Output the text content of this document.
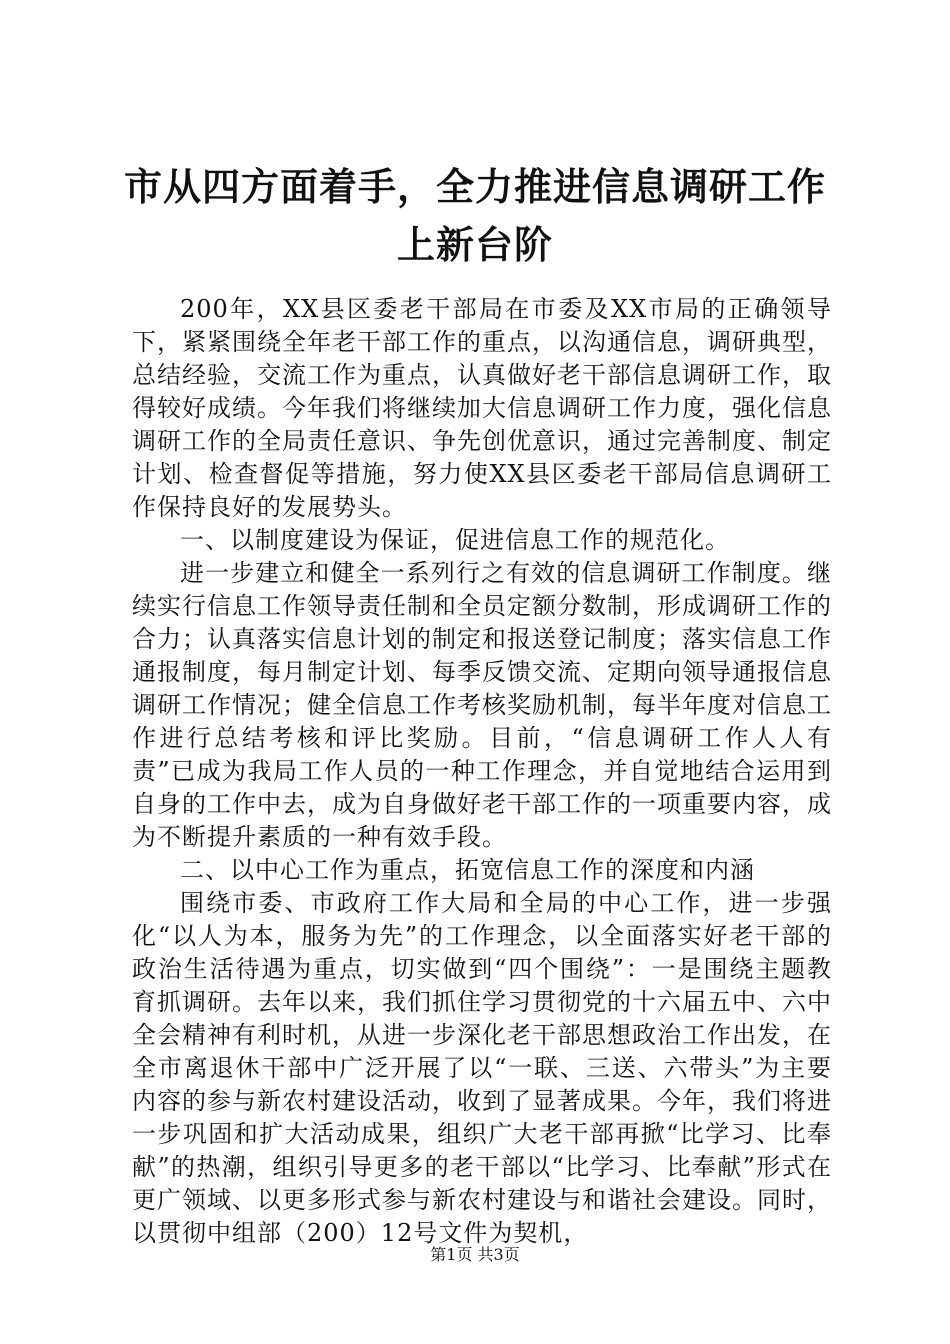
市从四方面着手，全力推进信息调研工作上新台阶

200年，XX县区委老干部局在市委及XX市局的正确领导下，紧紧围绕全年老干部工作的重点，以沟通信息，调研典型，总结经验，交流工作为重点，认真做好老干部信息调研工作，取得较好成绩。今年我们将继续加大信息调研工作力度，强化信息调研工作的全局责任意识、争先创优意识，通过完善制度、制定计划、检查督促等措施，努力使XX县区委老干部局信息调研工作保持良好的发展势头。

一、以制度建设为保证，促进信息工作的规范化。

进一步建立和健全一系列行之有效的信息调研工作制度。继续实行信息工作领导责任制和全员定额分数制，形成调研工作的合力；认真落实信息计划的制定和报送登记制度；落实信息工作通报制度，每月制定计划、每季反馈交流、定期向领导通报信息调研工作情况；健全信息工作考核奖励机制，每半年度对信息工作进行总结考核和评比奖励。目前，“信息调研工作人人有责”已成为我局工作人员的一种工作理念，并自觉地结合运用到自身的工作中去，成为自身做好老干部工作的一项重要内容，成为不断提升素质的一种有效手段。

二、以中心工作为重点，拓宽信息工作的深度和内涵

围绕市委、市政府工作大局和全局的中心工作，进一步强化“以人为本，服务为先”的工作理念，以全面落实好老干部的政治生活待遇为重点，切实做到“四个围绕”：一是围绕主题教育抓调研。去年以来，我们抓住学习贯彻党的十六届五中、六中全会精神有利时机，从进一步深化老干部思想政治工作出发，在全市离退休干部中广泛开展了以“一联、三送、六带头”为主要内容的参与新农村建设活动，收到了显著成果。今年，我们将进一步巩固和扩大活动成果，组织广大老干部再掀“比学习、比奉献”的热潮，组织引导更多的老干部以“比学习、比奉献”形式在更广领域、以更多形式参与新农村建设与和谐社会建设。同时，以贯彻中组部（200）12号文件为契机，

第1页 共3页
